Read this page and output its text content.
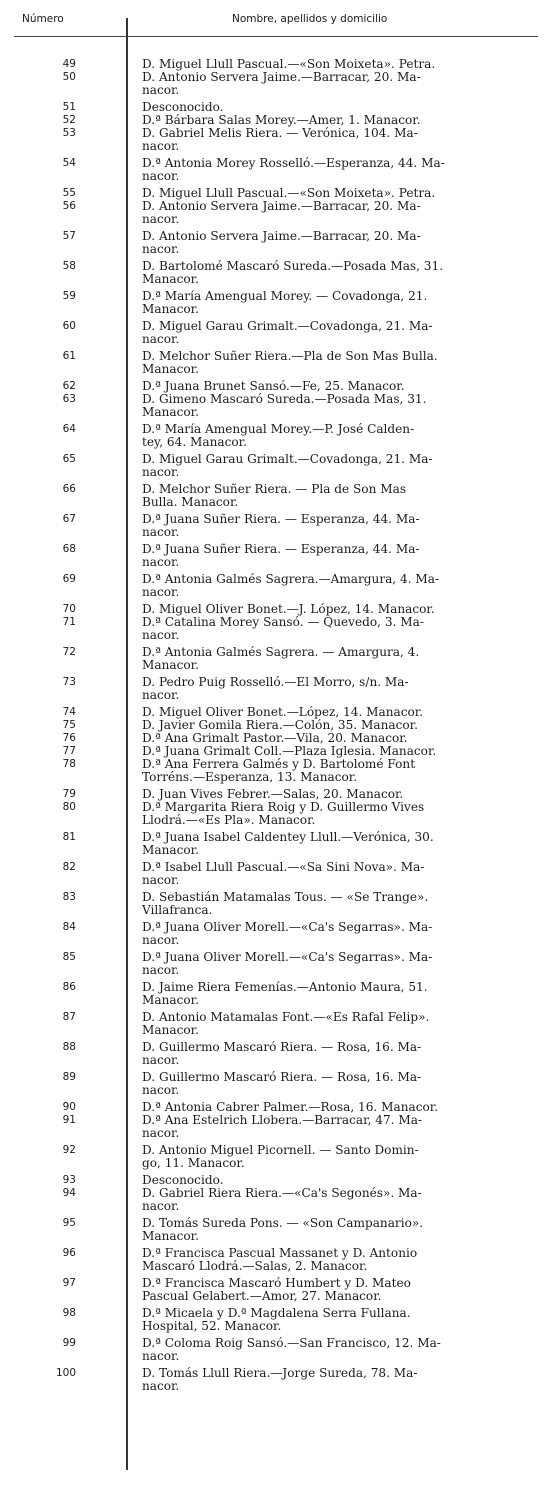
Número	Nombre, apellidos y domicilio
49	D. Miguel Llull Pascual.—«Son Moixeta». Petra.
50	D. Antonio Servera Jaime.—Barracar, 20. Ma-
nacor.
51	Desconocido.
52	D.ª Bárbara Salas Morey.—Amer, 1. Manacor.
53	D. Gabriel Melis Riera. — Verónica, 104. Ma-
nacor.
54	D.ª Antonia Morey Rosselló.—Esperanza, 44. Ma-
nacor.
55	D. Miguel Llull Pascual.—«Son Moixeta». Petra.
56	D. Antonio Servera Jaime.—Barracar, 20. Ma-
nacor.
57	D. Antonio Servera Jaime.—Barracar, 20. Ma-
nacor.
58	D. Bartolomé Mascaró Sureda.—Posada Mas, 31.
Manacor.
59	D.ª María Amengual Morey. — Covadonga, 21.
Manacor.
60	D. Miguel Garau Grimalt.—Covadonga, 21. Ma-
nacor.
61	D. Melchor Suñer Riera.—Pla de Son Mas Bulla.
Manacor.
62	D.ª Juana Brunet Sansó.—Fe, 25. Manacor.
63	D. Gimeno Mascaró Sureda.—Posada Mas, 31.
Manacor.
64	D.ª María Amengual Morey.—P. José Calden-
tey, 64. Manacor.
65	D. Miguel Garau Grimalt.—Covadonga, 21. Ma-
nacor.
66	D. Melchor Suñer Riera. — Pla de Son Mas
Bulla. Manacor.
67	D.ª Juana Suñer Riera. — Esperanza, 44. Ma-
nacor.
68	D.ª Juana Suñer Riera. — Esperanza, 44. Ma-
nacor.
69	D.ª Antonia Galmés Sagrera.—Amargura, 4. Ma-
nacor.
70	D. Miguel Oliver Bonet.—J. López, 14. Manacor.
71	D.ª Catalina Morey Sansó. — Quevedo, 3. Ma-
nacor.
72	D.ª Antonia Galmés Sagrera. — Amargura, 4.
Manacor.
73	D. Pedro Puig Rosselló.—El Morro, s/n. Ma-
nacor.
74	D. Miguel Oliver Bonet.—López, 14. Manacor.
75	D. Javier Gomila Riera.—Colón, 35. Manacor.
76	D.ª Ana Grimalt Pastor.—Vila, 20. Manacor.
77	D.ª Juana Grimalt Coll.—Plaza Iglesia. Manacor.
78	D.ª Ana Ferrera Galmés y D. Bartolomé Font
Torréns.—Esperanza, 13. Manacor.
79	D. Juan Vives Febrer.—Salas, 20. Manacor.
80	D.ª Margarita Riera Roig y D. Guillermo Vives
Llodrá.—«Es Pla». Manacor.
81	D.ª Juana Isabel Caldentey Llull.—Verónica, 30.
Manacor.
82	D.ª Isabel Llull Pascual.—«Sa Sini Nova». Ma-
nacor.
83	D. Sebastián Matamalas Tous. — «Se Trange».
Villafranca.
84	D.ª Juana Oliver Morell.—«Ca's Segarras». Ma-
nacor.
85	D.ª Juana Oliver Morell.—«Ca's Segarras». Ma-
nacor.
86	D. Jaime Riera Femenías.—Antonio Maura, 51.
Manacor.
87	D. Antonio Matamalas Font.—«Es Rafal Felip».
Manacor.
88	D. Guillermo Mascaró Riera. — Rosa, 16. Ma-
nacor.
89	D. Guillermo Mascaró Riera. — Rosa, 16. Ma-
nacor.
90	D.ª Antonia Cabrer Palmer.—Rosa, 16. Manacor.
91	D.ª Ana Estelrich Llobera.—Barracar, 47. Ma-
nacor.
92	D. Antonio Miguel Picornell. — Santo Domin-
go, 11. Manacor.
93	Desconocido.
94	D. Gabriel Riera Riera.—«Ca's Segonés». Ma-
nacor.
95	D. Tomás Sureda Pons. — «Son Campanario».
Manacor.
96	D.ª Francisca Pascual Massanet y D. Antonio
Mascaró Llodrá.—Salas, 2. Manacor.
97	D.ª Francisca Mascaró Humbert y D. Mateo
Pascual Gelabert.—Amor, 27. Manacor.
98	D.ª Micaela y D.ª Magdalena Serra Fullana.
Hospital, 52. Manacor.
99	D.ª Coloma Roig Sansó.—San Francisco, 12. Ma-
nacor.
100	D. Tomás Llull Riera.—Jorge Sureda, 78. Ma-
nacor.
